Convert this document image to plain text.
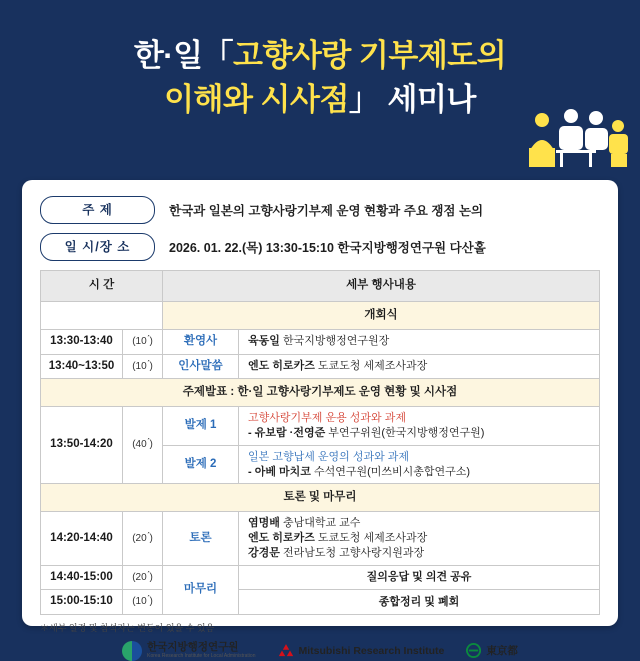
한·일「고향사랑 기부제도의
이해와 시사점」 세미나
주 제	한국과 일본의 고향사랑기부제 운영 현황과 주요 쟁점 논의
일 시/장 소	2026. 01. 22.(목) 13:30-15:10 한국지방행정연구원 다산홀
시 간		세부 행사내용	
		개회식	
13:30-13:40	(10 ́)	환영사	육동일 한국지방행정연구원장
13:40~13:50	(10 ́)	인사말씀	엔도 히로카즈 도쿄도청 세제조사과장
주제발표 : 한·일 고향사랑기부제도 운영 현황 및 시사점			
13:50-14:20	(40 ́)	발제 1	고향사랑기부제 운용 성과와 과제
- 유보람 ·전영준 부연구위원(한국지방행정연구원)

		발제 2	일본 고향납세 운영의 성과와 과제
- 아베 마치코 수석연구원(미쓰비시총합연구소)

토론 및 마무리			
14:20-14:40	(20 ́)	토론	염명배 충남대학교 교수
엔도 히로카즈 도쿄도청 세제조사과장
강경문 전라남도청 고향사랑지원과장

14:40-15:00	(20 ́)	마무리	질의응답 및 의견 공유
15:00-15:10	(10 ́)		종합정리 및 폐회
＊세부 일정 및 참석자는 변동이 있을 수 있음
한국지방행정연구원
Korea Research Institute for Local Administration	Mitsubishi Research Institute	東京都
